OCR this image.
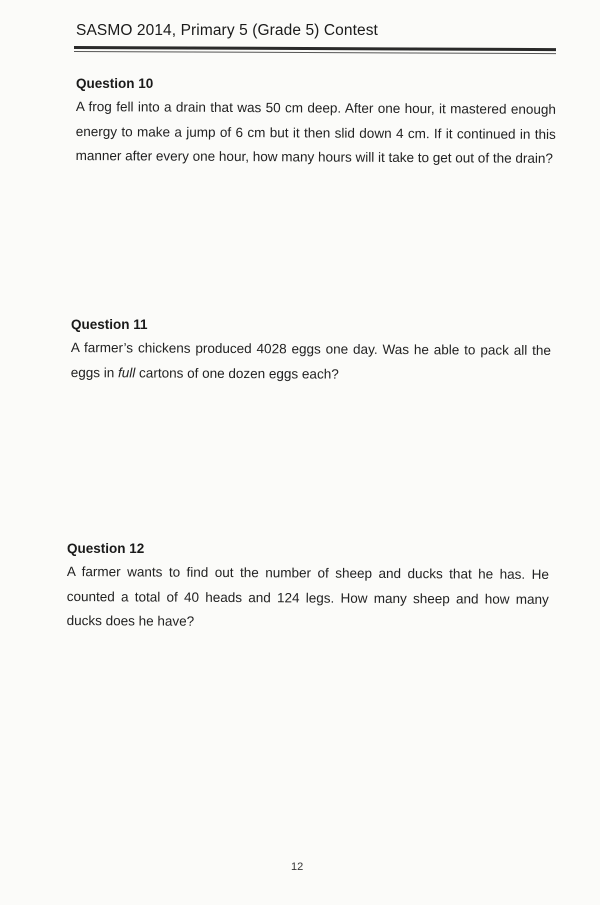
SASMO 2014, Primary 5 (Grade 5) Contest
Question 10

A frog fell into a drain that was 50 cm deep. After one hour, it mastered enough energy to make a jump of 6 cm but it then slid down 4 cm. If it continued in this manner after every one hour, how many hours will it take to get out of the drain?

Question 11

A farmer’s chickens produced 4028 eggs one day. Was he able to pack all the eggs in full cartons of one dozen eggs each?

Question 12

A farmer wants to find out the number of sheep and ducks that he has. He counted a total of 40 heads and 124 legs. How many sheep and how many ducks does he have?

12
